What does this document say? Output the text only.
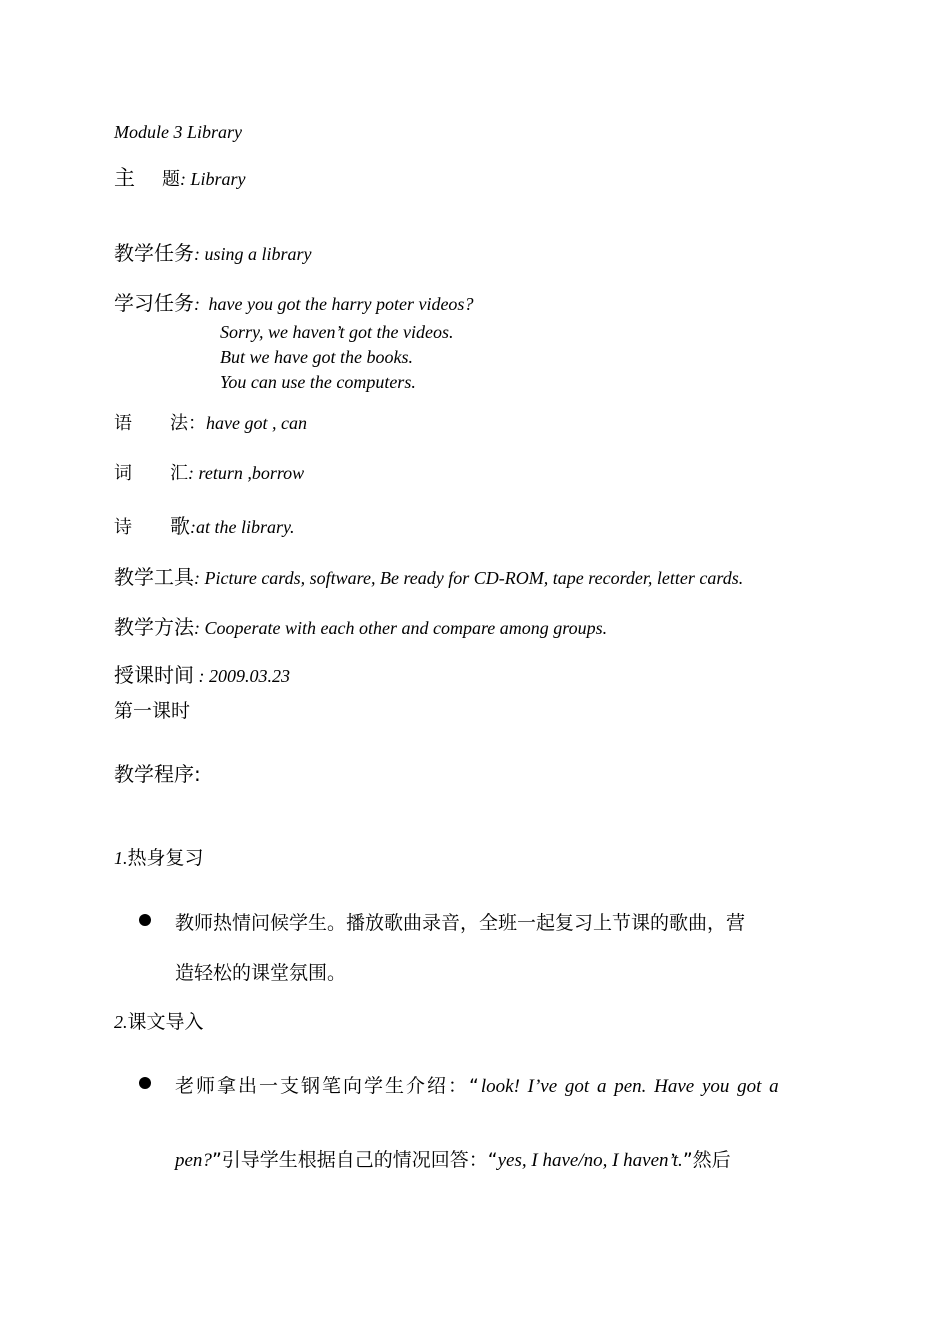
Module 3 Library
主 题: Library
教学任务: using a library
学习任务: have you got the harry poter videos?
Sorry, we haven’t got the videos.
But we have got the books.
You can use the computers.
语 法：have got , can
词 汇: return ,borrow
诗 歌:at the library.
教学工具: Picture cards, software, Be ready for CD-ROM, tape recorder, letter cards.
教学方法: Cooperate with each other and compare among groups.
授课时间 : 2009.03.23
第一课时
教学程序:
1.热身复习
教师热情问候学生。播放歌曲录音，全班一起复习上节课的歌曲，营
造轻松的课堂氛围。
2.课文导入
老师拿出一支钢笔向学生介绍：“look! I’ve got a pen. Have you got a
pen?”引导学生根据自己的情况回答：“yes, I have/no, I haven’t.”然后
